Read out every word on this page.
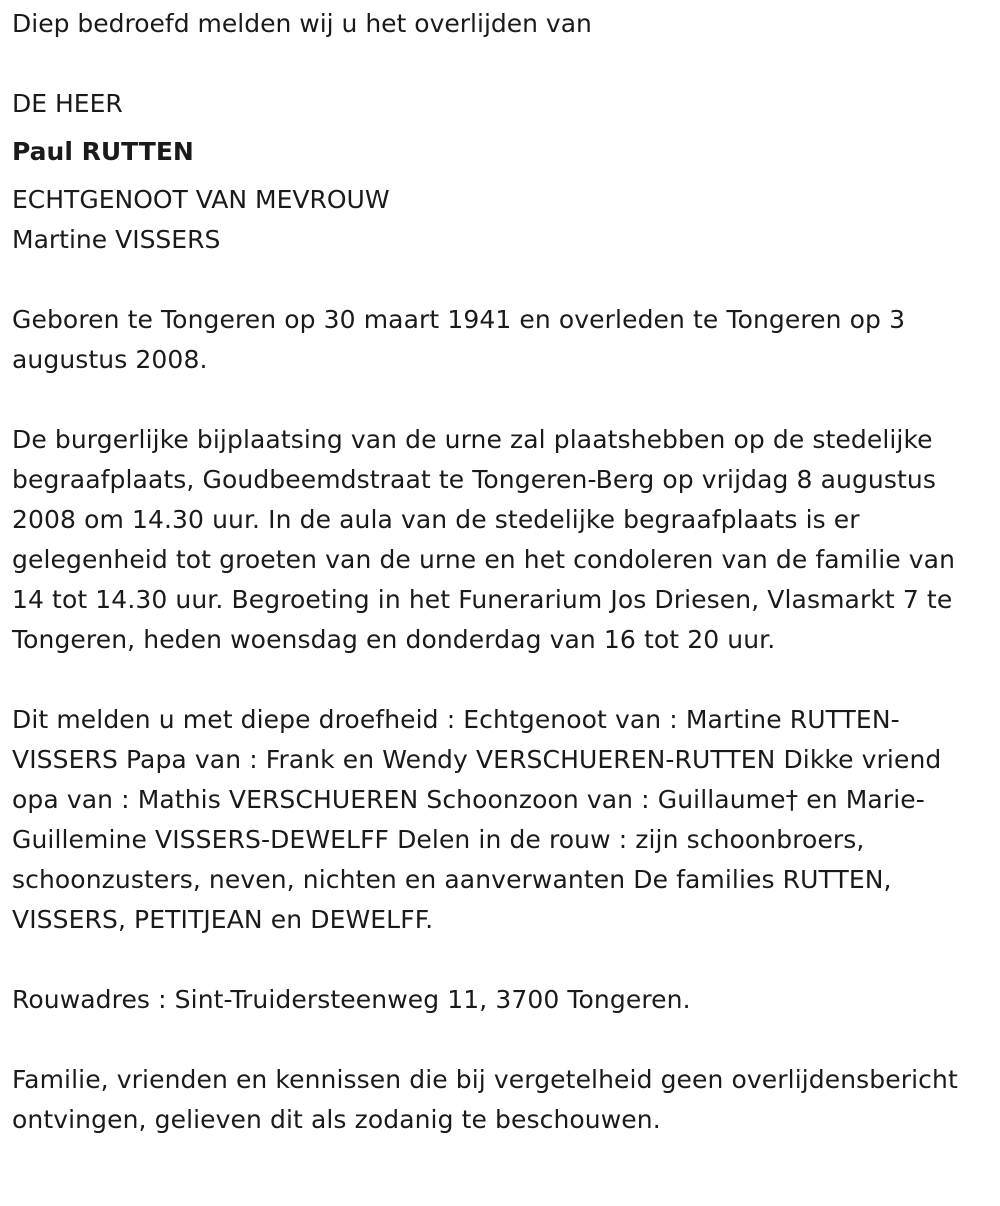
Diep bedroefd melden wij u het overlijden van

DE HEER

Paul RUTTEN

ECHTGENOOT VAN MEVROUW

Martine VISSERS

Geboren te Tongeren op 30 maart 1941 en overleden te Tongeren op 3 augustus 2008.

De burgerlijke bijplaatsing van de urne zal plaatshebben op de stedelijke begraafplaats, Goudbeemdstraat te Tongeren-Berg op vrijdag 8 augustus 2008 om 14.30 uur. In de aula van de stedelijke begraafplaats is er gelegenheid tot groeten van de urne en het condoleren van de familie van 14 tot 14.30 uur. Begroeting in het Funerarium Jos Driesen, Vlasmarkt 7 te Tongeren, heden woensdag en donderdag van 16 tot 20 uur.

Dit melden u met diepe droefheid : Echtgenoot van : Martine RUTTEN-VISSERS Papa van : Frank en Wendy VERSCHUEREN-RUTTEN Dikke vriend opa van : Mathis VERSCHUEREN Schoonzoon van : Guillaume† en Marie-Guillemine VISSERS-DEWELFF Delen in de rouw : zijn schoonbroers, schoonzusters, neven, nichten en aanverwanten De families RUTTEN, VISSERS, PETITJEAN en DEWELFF.

Rouwadres : Sint-Truidersteenweg 11, 3700 Tongeren.

Familie, vrienden en kennissen die bij vergetelheid geen overlijdensbericht ontvingen, gelieven dit als zodanig te beschouwen.
